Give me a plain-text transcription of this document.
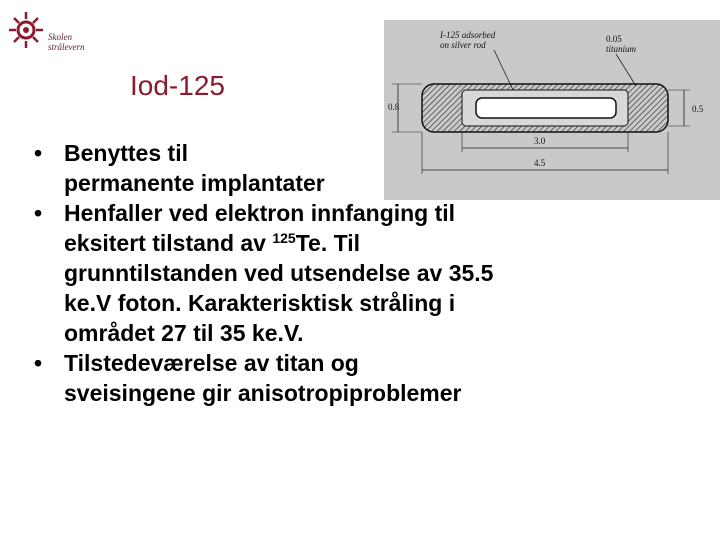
Skolen
strålevern
Iod-125
I-125 adsorbed
on silver rod
0.05
titanium
0.8	0.5
3.0
4.5
• Benyttes til
permanente implantater
• Henfaller ved elektron innfanging til
eksitert tilstand av $^{125}$Te. Til
grunntilstanden ved utsendelse av 35.5
ke.V foton. Karakterisktisk stråling i
området 27 til 35 ke.V.
• Tilstedeværelse av titan og
sveisingene gir anisotropiproblemer
